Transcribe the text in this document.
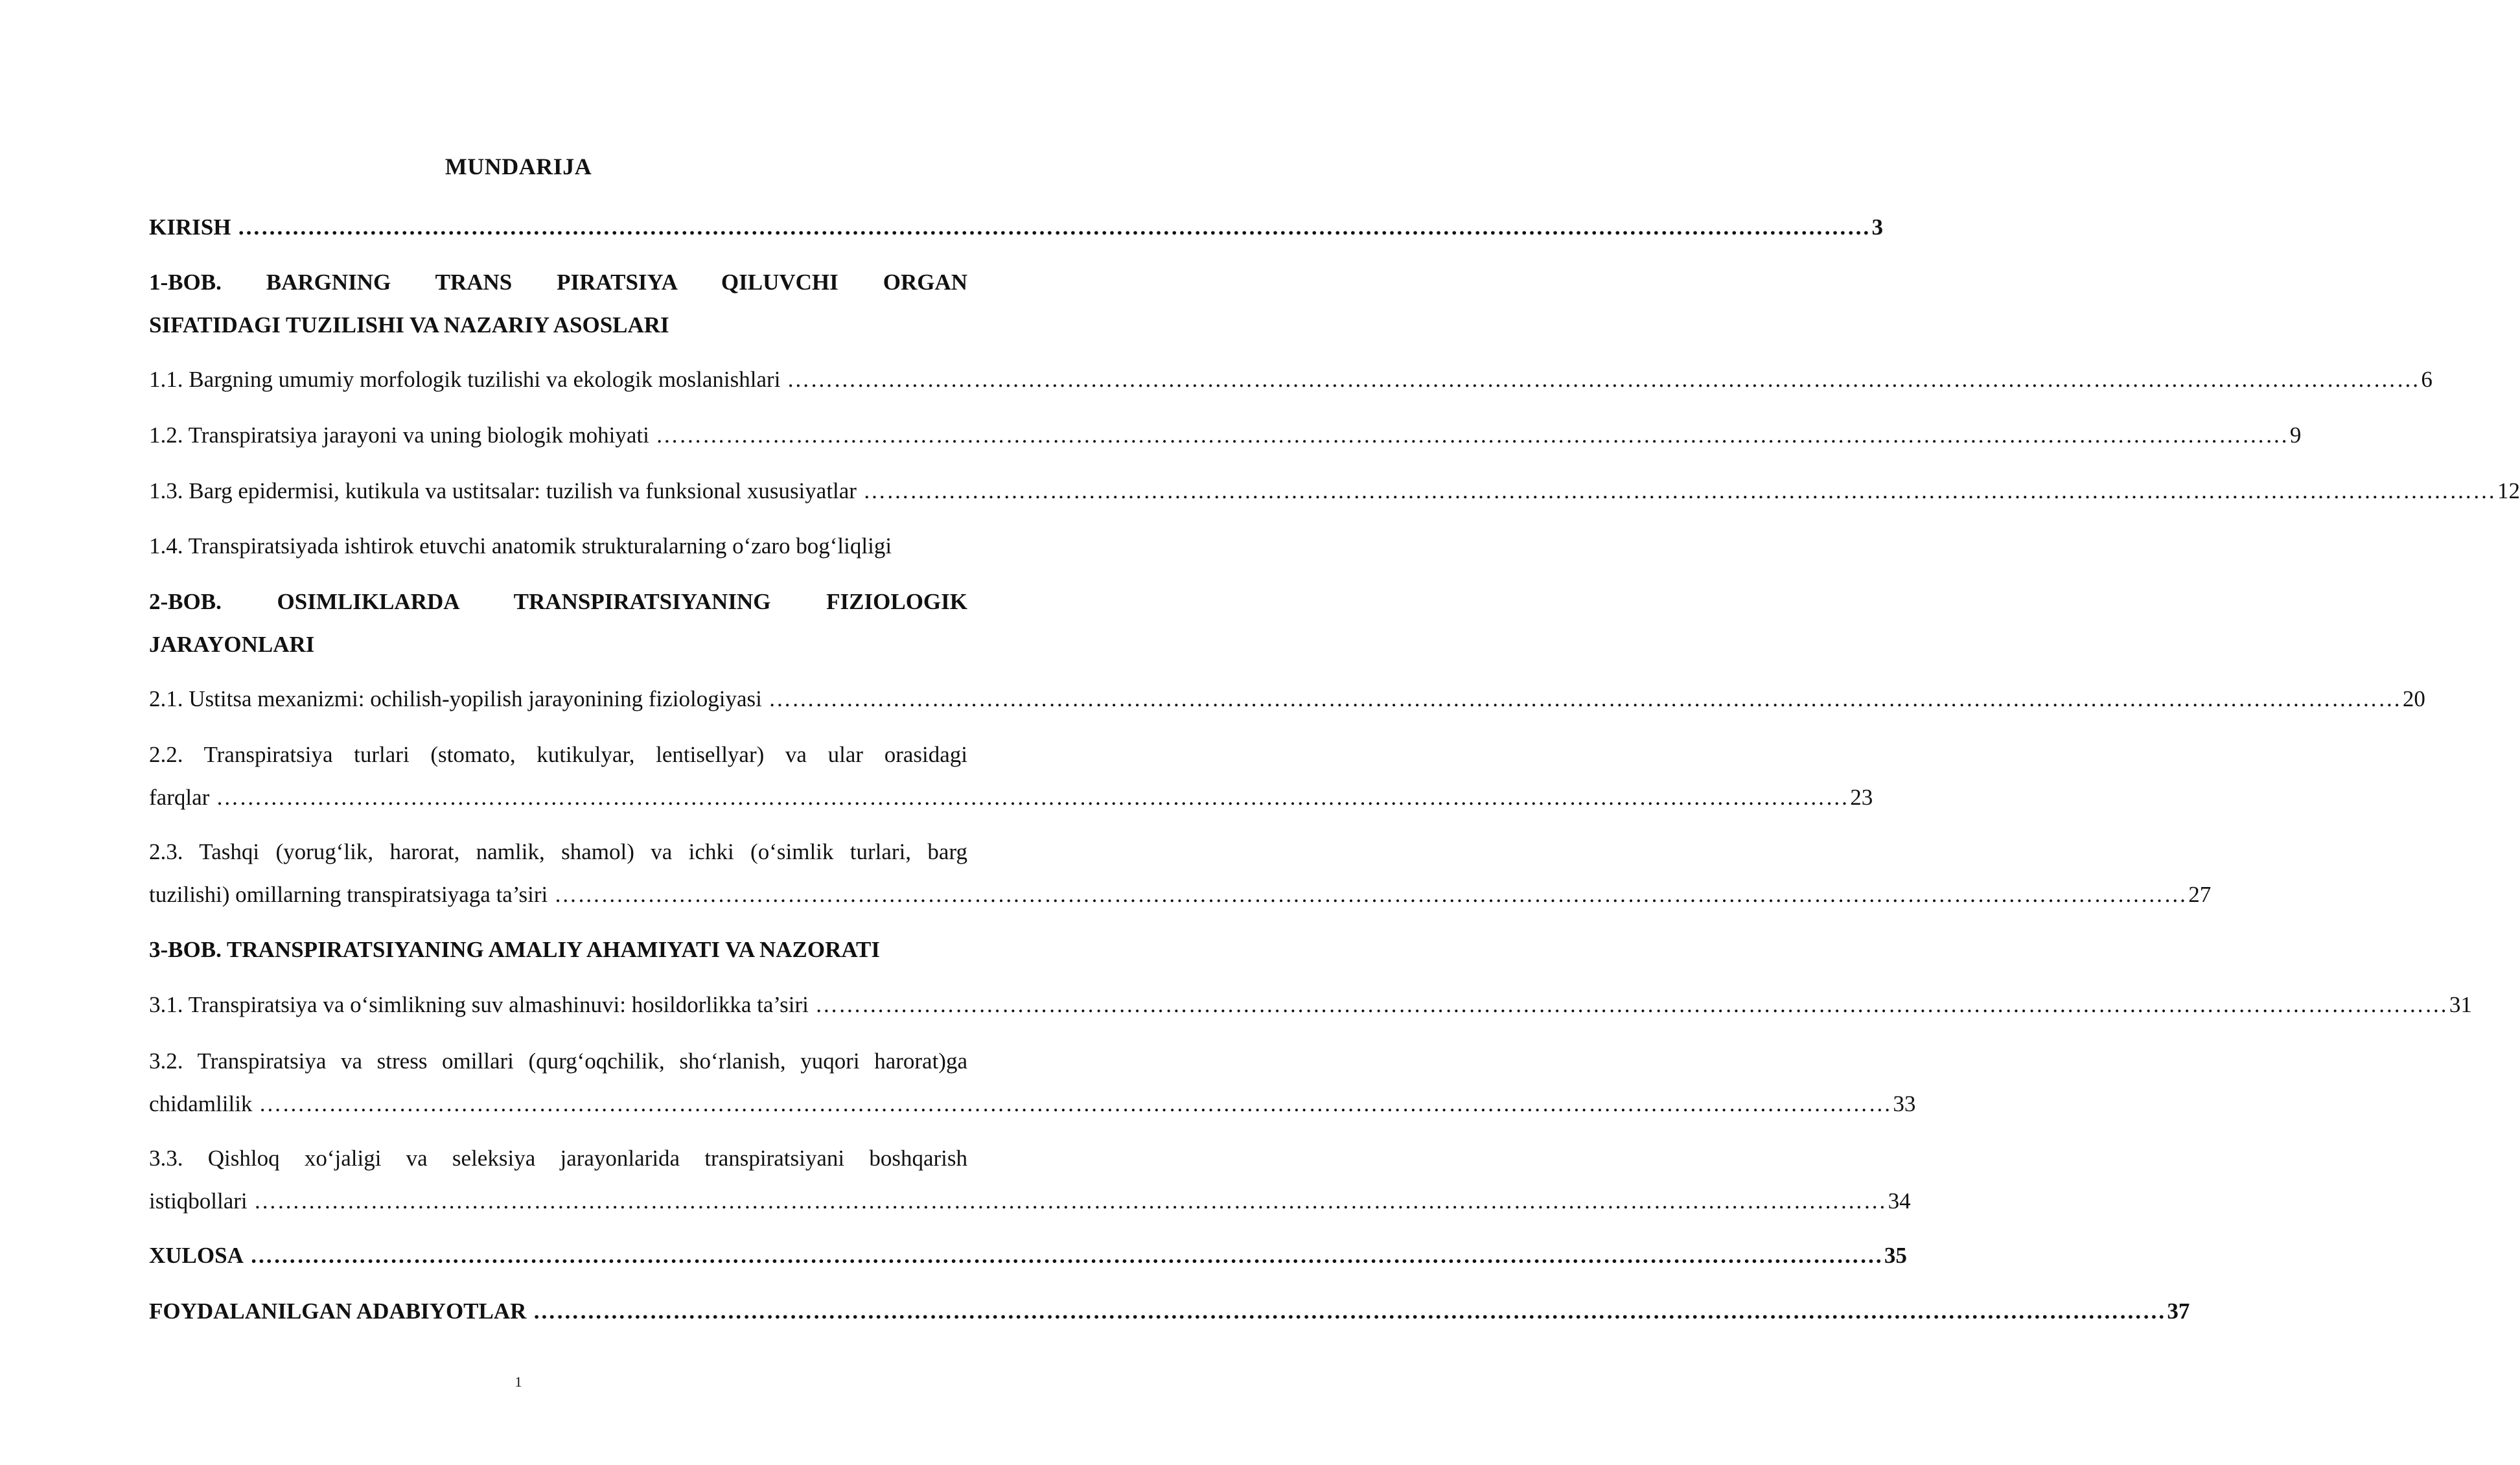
MUNDARIJA
KIRISH ………………………………………………………………………………………………………………………………………………………………………………………… 3
1-BOB. BARGNING TRANS PIRATSIYA QILUVCHI ORGAN
SIFATIDAGI TUZILISHI VA NAZARIY ASOSLARI
1.1. Bargning umumiy morfologik tuzilishi va ekologik moslanishlari ………………………………………………………………………………………………………………………………………………………………………………………… 6
1.2. Transpiratsiya jarayoni va uning biologik mohiyati ………………………………………………………………………………………………………………………………………………………………………………………… 9
1.3. Barg epidermisi, kutikula va ustitsalar: tuzilish va funksional xususiyatlar ………………………………………………………………………………………………………………………………………………………………………………………… 12
1.4. Transpiratsiyada ishtirok etuvchi anatomik strukturalarning o‘zaro bog‘liqligi
2-BOB. OSIMLIKLARDA TRANSPIRATSIYANING FIZIOLOGIK
JARAYONLARI
2.1. Ustitsa mexanizmi: ochilish-yopilish jarayonining fiziologiyasi ………………………………………………………………………………………………………………………………………………………………………………………… 20
2.2. Transpiratsiya turlari (stomato, kutikulyar, lentisellyar) va ular orasidagi
farqlar ………………………………………………………………………………………………………………………………………………………………………………………… 23
2.3. Tashqi (yorug‘lik, harorat, namlik, shamol) va ichki (o‘simlik turlari, barg
tuzilishi) omillarning transpiratsiyaga ta’siri ………………………………………………………………………………………………………………………………………………………………………………………… 27
3-BOB. TRANSPIRATSIYANING AMALIY AHAMIYATI VA NAZORATI
3.1. Transpiratsiya va o‘simlikning suv almashinuvi: hosildorlikka ta’siri ………………………………………………………………………………………………………………………………………………………………………………………… 31
3.2. Transpiratsiya va stress omillari (qurg‘oqchilik, sho‘rlanish, yuqori harorat)ga
chidamlilik ………………………………………………………………………………………………………………………………………………………………………………………… 33
3.3. Qishloq xo‘jaligi va seleksiya jarayonlarida transpiratsiyani boshqarish
istiqbollari ………………………………………………………………………………………………………………………………………………………………………………………… 34
XULOSA ………………………………………………………………………………………………………………………………………………………………………………………… 35
FOYDALANILGAN ADABIYOTLAR ………………………………………………………………………………………………………………………………………………………………………………………… 37
1
